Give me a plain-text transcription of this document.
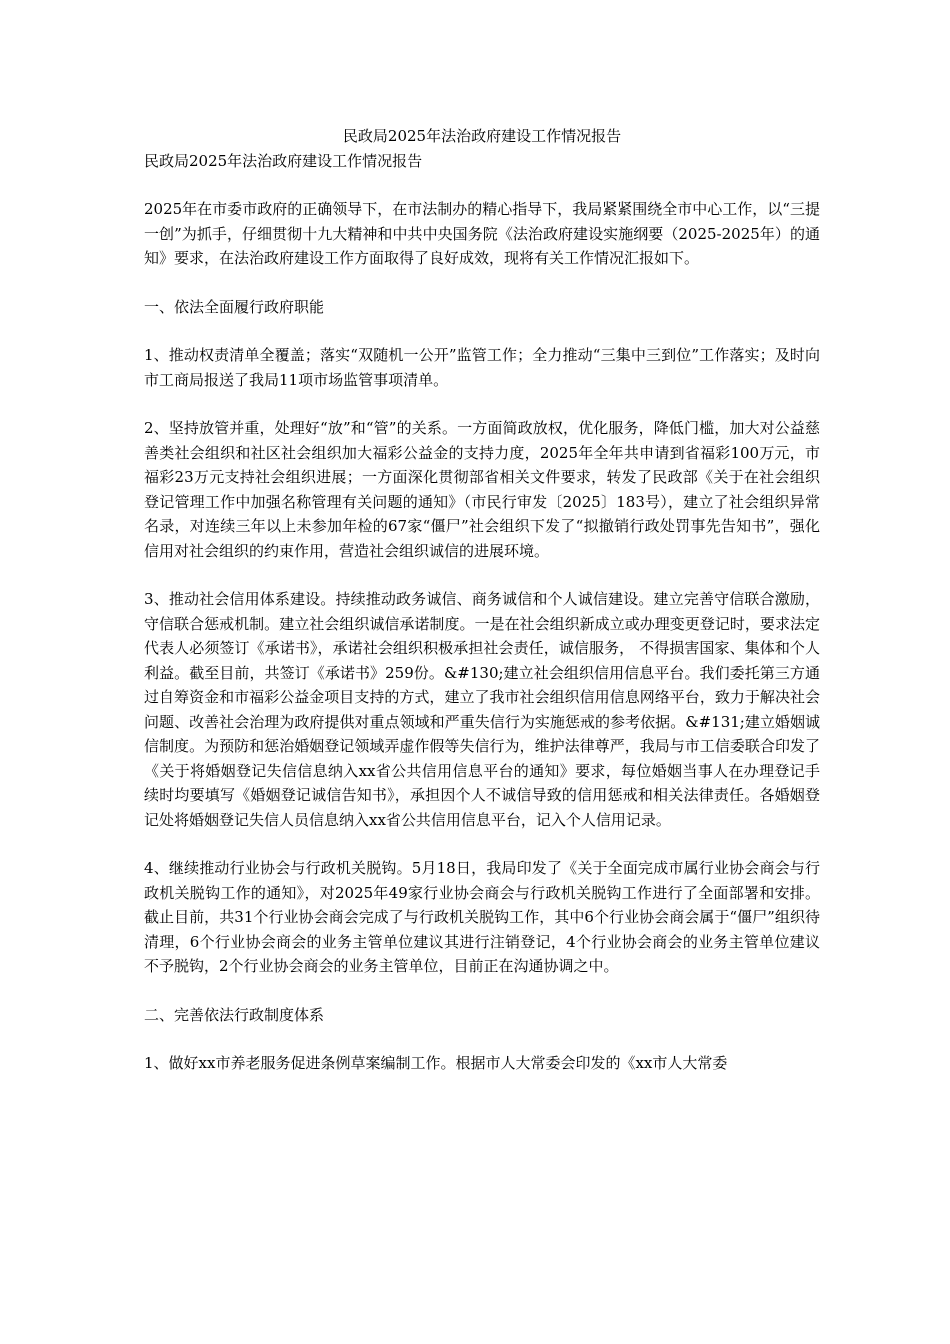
民政局2025年法治政府建设工作情况报告

民政局2025年法治政府建设工作情况报告

2025年在市委市政府的正确领导下，在市法制办的精心指导下，我局紧紧围绕全市中心工作，以“三提一创”为抓手，仔细贯彻十九大精神和中共中央国务院《法治政府建设实施纲要（2025-2025年）的通知》要求，在法治政府建设工作方面取得了良好成效，现将有关工作情况汇报如下。

一、依法全面履行政府职能

1、推动权责清单全覆盖；落实“双随机一公开”监管工作；全力推动“三集中三到位”工作落实；及时向市工商局报送了我局11项市场监管事项清单。

2、坚持放管并重，处理好“放”和“管”的关系。一方面简政放权，优化服务，降低门槛，加大对公益慈善类社会组织和社区社会组织加大福彩公益金的支持力度，2025年全年共申请到省福彩100万元，市福彩23万元支持社会组织进展；一方面深化贯彻部省相关文件要求，转发了民政部《关于在社会组织登记管理工作中加强名称管理有关问题的通知》（市民行审发〔2025〕183号），建立了社会组织异常名录，对连续三年以上未参加年检的67家“僵尸”社会组织下发了“拟撤销行政处罚事先告知书”，强化信用对社会组织的约束作用，营造社会组织诚信的进展环境。

3、推动社会信用体系建设。持续推动政务诚信、商务诚信和个人诚信建设。建立完善守信联合激励，守信联合惩戒机制。建立社会组织诚信承诺制度。一是在社会组织新成立或办理变更登记时，要求法定代表人必须签订《承诺书》，承诺社会组织积极承担社会责任，诚信服务， 不得损害国家、集体和个人利益。截至目前，共签订《承诺书》259份。&#130;建立社会组织信用信息平台。我们委托第三方通过自筹资金和市福彩公益金项目支持的方式，建立了我市社会组织信用信息网络平台，致力于解决社会问题、改善社会治理为政府提供对重点领域和严重失信行为实施惩戒的参考依据。&#131;建立婚姻诚信制度。为预防和惩治婚姻登记领域弄虚作假等失信行为，维护法律尊严，我局与市工信委联合印发了《关于将婚姻登记失信信息纳入xx省公共信用信息平台的通知》要求，每位婚姻当事人在办理登记手续时均要填写《婚姻登记诚信告知书》，承担因个人不诚信导致的信用惩戒和相关法律责任。各婚姻登记处将婚姻登记失信人员信息纳入xx省公共信用信息平台，记入个人信用记录。

4、继续推动行业协会与行政机关脱钩。5月18日，我局印发了《关于全面完成市属行业协会商会与行政机关脱钩工作的通知》，对2025年49家行业协会商会与行政机关脱钩工作进行了全面部署和安排。截止目前，共31个行业协会商会完成了与行政机关脱钩工作，其中6个行业协会商会属于“僵尸”组织待清理，6个行业协会商会的业务主管单位建议其进行注销登记，4个行业协会商会的业务主管单位建议不予脱钩，2个行业协会商会的业务主管单位，目前正在沟通协调之中。

二、完善依法行政制度体系

1、做好xx市养老服务促进条例草案编制工作。根据市人大常委会印发的《xx市人大常委
